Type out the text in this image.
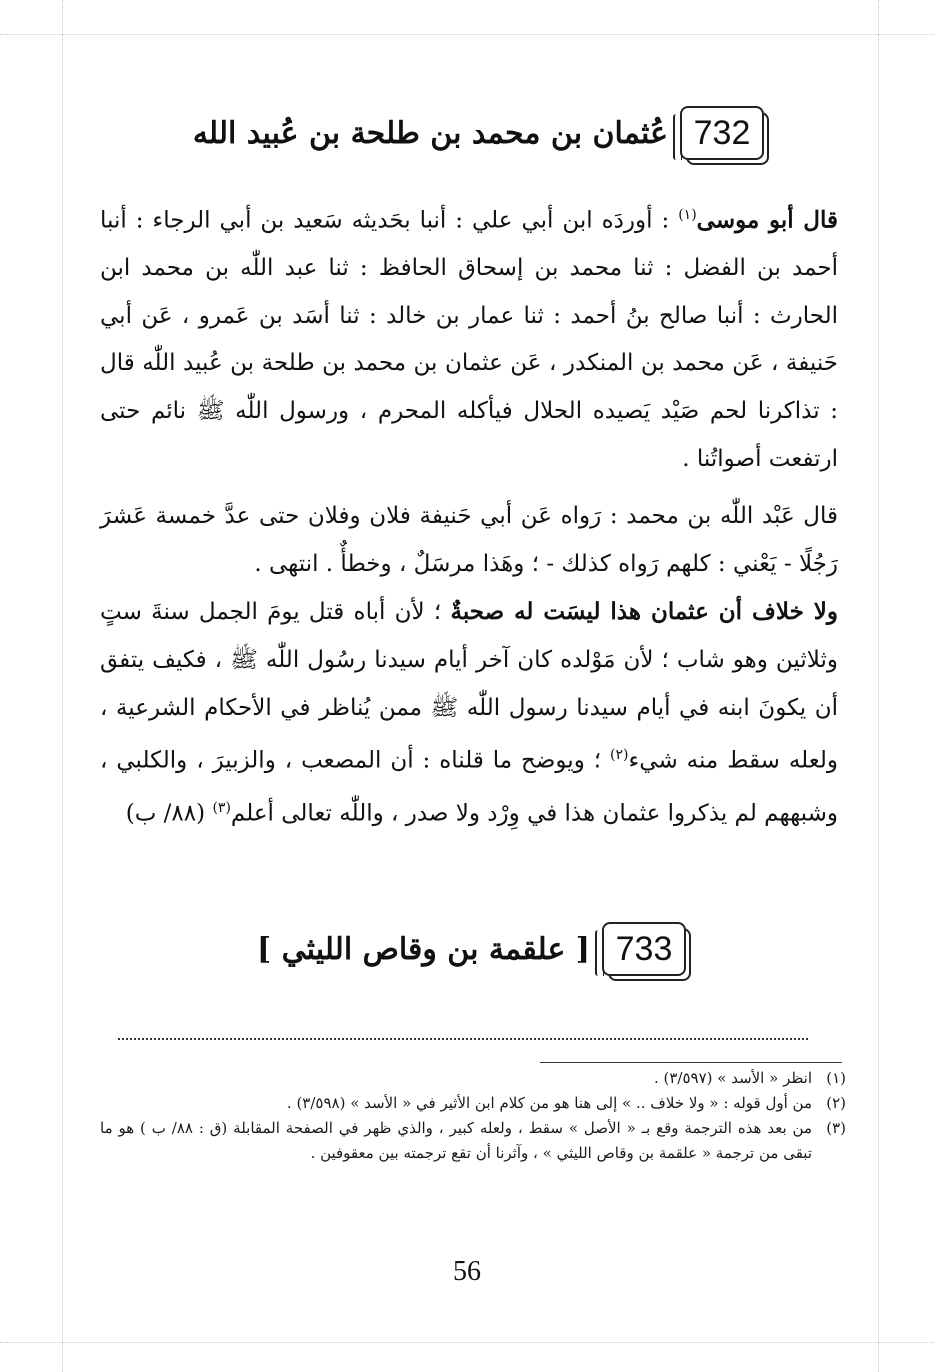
732
عُثمان بن محمد بن طلحة بن عُبيد الله

قال أبو موسى$^{(١)}$ : أوردَه ابن أبي علي : أنبا بحَديثه سَعيد بن أبي الرجاء : أنبا أحمد بن الفضل : ثنا محمد بن إسحاق الحافظ : ثنا عبد اللّٰه بن محمد ابن الحارث : أنبا صالح بنُ أحمد : ثنا عمار بن خالد : ثنا أسَد بن عَمرو ، عَن أبي حَنيفة ، عَن محمد بن المنكدر ، عَن عثمان بن محمد بن طلحة بن عُبيد اللّٰه قال : تذاكرنا لحم صَيْد يَصيده الحلال فيأكله المحرم ، ورسول اللّٰه ﷺ نائم حتى ارتفعت أصواتُنا .

قال عَبْد اللّٰه بن محمد : رَواه عَن أبي حَنيفة فلان وفلان حتى عدَّ خمسة عَشرَ رَجُلًا - يَعْني : كلهم رَواه كذلك - ؛ وهَذا مرسَلٌ ، وخطأٌ . انتهى .

ولا خلاف أن عثمان هذا ليسَت له صحبةٌ ؛ لأن أباه قتل يومَ الجمل سنةَ ستٍ وثلاثين وهو شاب ؛ لأن مَوْلده كان آخر أيام سيدنا رسُول اللّٰه ﷺ ، فكيف يتفق أن يكونَ ابنه في أيام سيدنا رسول اللّٰه ﷺ ممن يُناظر في الأحكام الشرعية ، ولعله سقط منه شيء$^{(٢)}$ ؛ ويوضح ما قلناه : أن المصعب ، والزبيرَ ، والكلبي ، وشبههم لم يذكروا عثمان هذا في وِرْد ولا صدر ، واللّٰه تعالى أعلم$^{(٣)}$ (٨٨/ ب)

733
[ علقمة بن وقاص الليثي ]
(١)
انظر « الأسد » (٣/٥٩٧) .
(٢)
من أول قوله : « ولا خلاف .. » إلى هنا هو من كلام ابن الأثير في « الأسد » (٣/٥٩٨) .
(٣)
من بعد هذه الترجمة وقع بـ « الأصل » سقط ، ولعله كبير ، والذي ظهر في الصفحة المقابلة (ق : ٨٨/ ب ) هو ما تبقى من ترجمة « علقمة بن وقاص الليثي » ، وآثرنا أن تقع ترجمته بين معقوفين .
56
